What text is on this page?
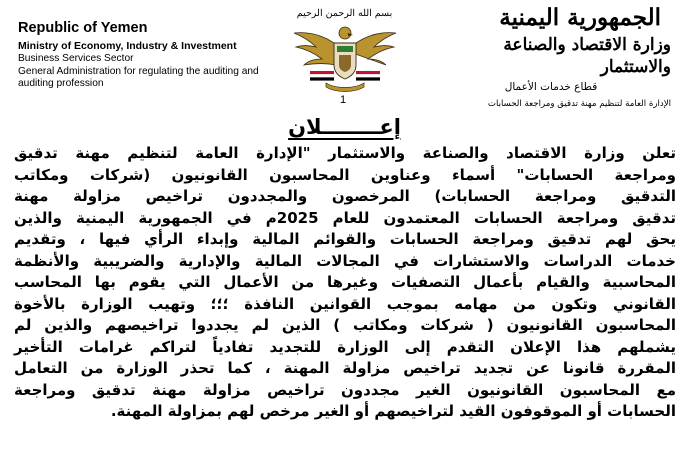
Republic of Yemen
Ministry of Economy, Industry & Investment
Business Services Sector
General Administration for regulating the auditing and
auditing profession
بسم الله الرحمن الرحيم
1
الجمهورية اليمنية
وزارة الاقتصاد والصناعة والاستثمار
قطاع خدمات الأعمال
الإدارة العامة لتنظيم مهنة تدقيق ومراجعة الحسابات
إعــــــــلان
تعلن وزارة الاقتصاد والصناعة والاستثمار "الإدارة العامة لتنظيم مهنة تدقيق
ومراجعة الحسابات" أسماء وعناوين المحاسبون القانونيون (شركات ومكاتب
التدقيق ومراجعة الحسابات) المرخصون والمجددون تراخيص مزاولة مهنة
تدقيق ومراجعة الحسابات المعتمدون للعام 2025م في الجمهورية اليمنية والذين
يحق لهم تدقيق ومراجعة الحسابات والقوائم المالية وإبداء الرأي فيها ، وتقديم
خدمات الدراسات والاستشارات في المجالات المالية والإدارية والضريبية والأنظمة
المحاسبية والقيام بأعمال التصفيات وغيرها من الأعمال التي يقوم بها المحاسب
القانوني وتكون من مهامه بموجب القوانين النافذة ؛؛؛ وتهيب الوزارة بالأخوة
المحاسبون القانونيون ( شركات ومكاتب ) الذين لم يجددوا تراخيصهم والذين لم
يشملهم هذا الإعلان التقدم إلى الوزارة للتجديد تفادياً لتراكم غرامات التأخير
المقررة قانونا عن تجديد تراخيص مزاولة المهنة ، كما تحذر الوزارة من التعامل
مع المحاسبون القانونيون الغير مجددون تراخيص مزاولة مهنة تدقيق ومراجعة
الحسابات أو الموقوفون القيد لتراخيصهم أو الغير مرخص لهم بمزاولة المهنة.
